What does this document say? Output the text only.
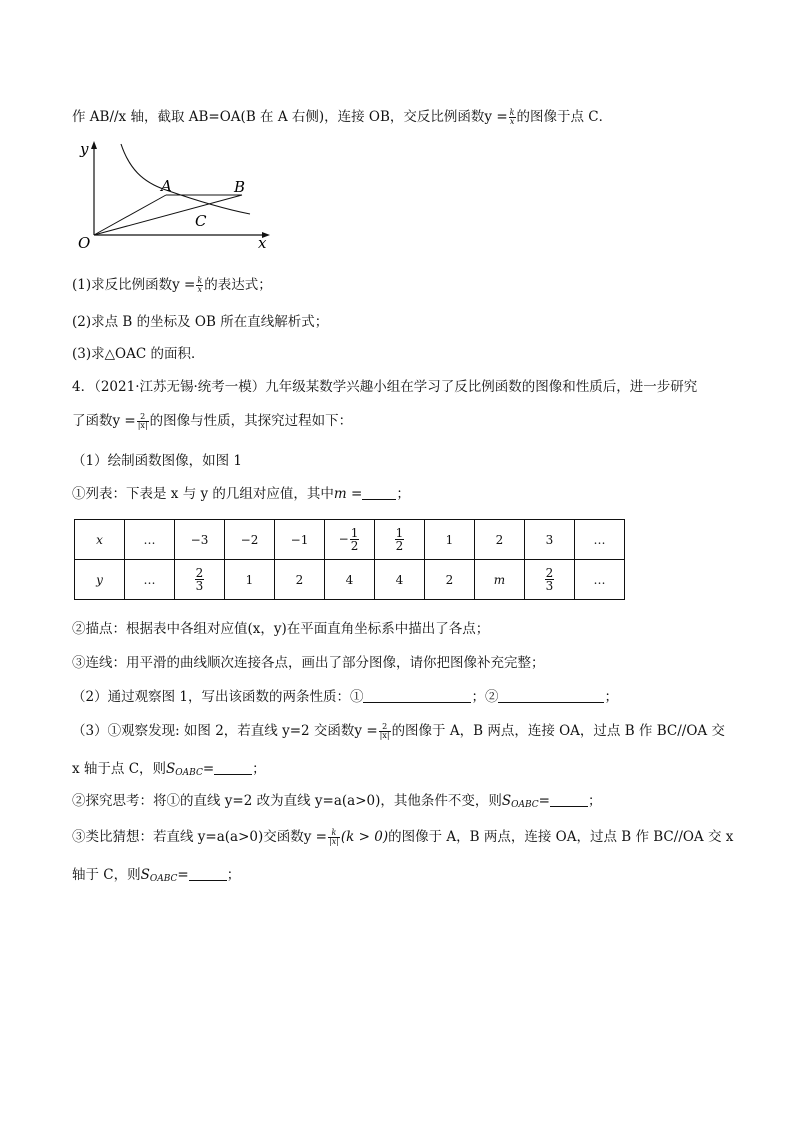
作 AB//x 轴，截取 AB=OA(B 在 A 右侧)，连接 OB，交反比例函数$y = \frac{k}{x}$ 的图像于点 C．
y
x
O
A	B
C
(1)求反比例函数$y = \frac{k}{x}$ 的表达式；
(2)求点 B 的坐标及 OB 所在直线解析式；
(3)求△OAC 的面积．
4．（2021·江苏无锡·统考一模）九年级某数学兴趣小组在学习了反比例函数的图像和性质后，进一步研究
了函数$y = \frac{2}{|x|}$ 的图像与性质，其探究过程如下：
（1）绘制函数图像，如图 1
①列表：下表是 x 与 y 的几组对应值，其中m =	；
x	…	−3	−2	−1	− $\frac{1}{2}$	$\frac{1}{2}$	1	2	3	…
y	…	$\frac{2}{3}$	1	2	4	4	2	m	$\frac{2}{3}$	…
②描点：根据表中各组对应值(x，y)在平面直角坐标系中描出了各点；
③连线：用平滑的曲线顺次连接各点，画出了部分图像，请你把图像补充完整；
（2）通过观察图 1，写出该函数的两条性质：①	；②	；
（3）①观察发现: 如图 2，若直线 y=2 交函数$y = \frac{2}{|x|}$ 的图像于 A，B 两点，连接 OA，过点 B 作 BC//OA 交
x 轴于点 C，则$S_{OABC}=$	；
②探究思考：将①的直线 y=2 改为直线 y=a(a>0)，其他条件不变，则$S_{OABC}=$	；
③类比猜想：若直线 y=a(a>0)交函数$y = \frac{k}{|x|} (k > 0)$的图像于 A，B 两点，连接 OA，过点 B 作 BC//OA 交 x
轴于 C，则$S_{OABC}=$	；
